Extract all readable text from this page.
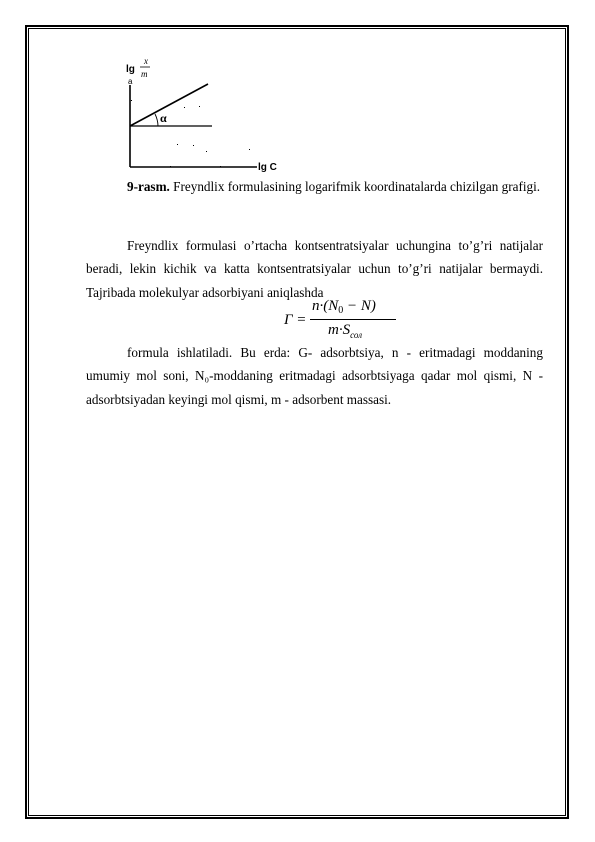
lg
x
m
a
α
lg C
9-rasm. Freyndlix formulasining logarifmik koordinatalarda chizilgan grafigi.
Freyndlix formulasi o’rtacha kontsentratsiyalar uchungina to’g’ri natijalar beradi, lekin kichik va katta kontsentratsiyalar uchun to’g’ri natijalar bermaydi. Tajribada molekulyar adsorbiyani aniqlashda
Г =
$n\cdot(N_0 - N)$
$m\cdot S_{сол}$
formula ishlatiladi. Bu erda: G- adsorbtsiya, n - eritmadagi moddaning umumiy mol soni, N₀-moddaning eritmadagi adsorbtsiyaga qadar mol qismi, N - adsorbtsiyadan keyingi mol qismi, m - adsorbent massasi.
